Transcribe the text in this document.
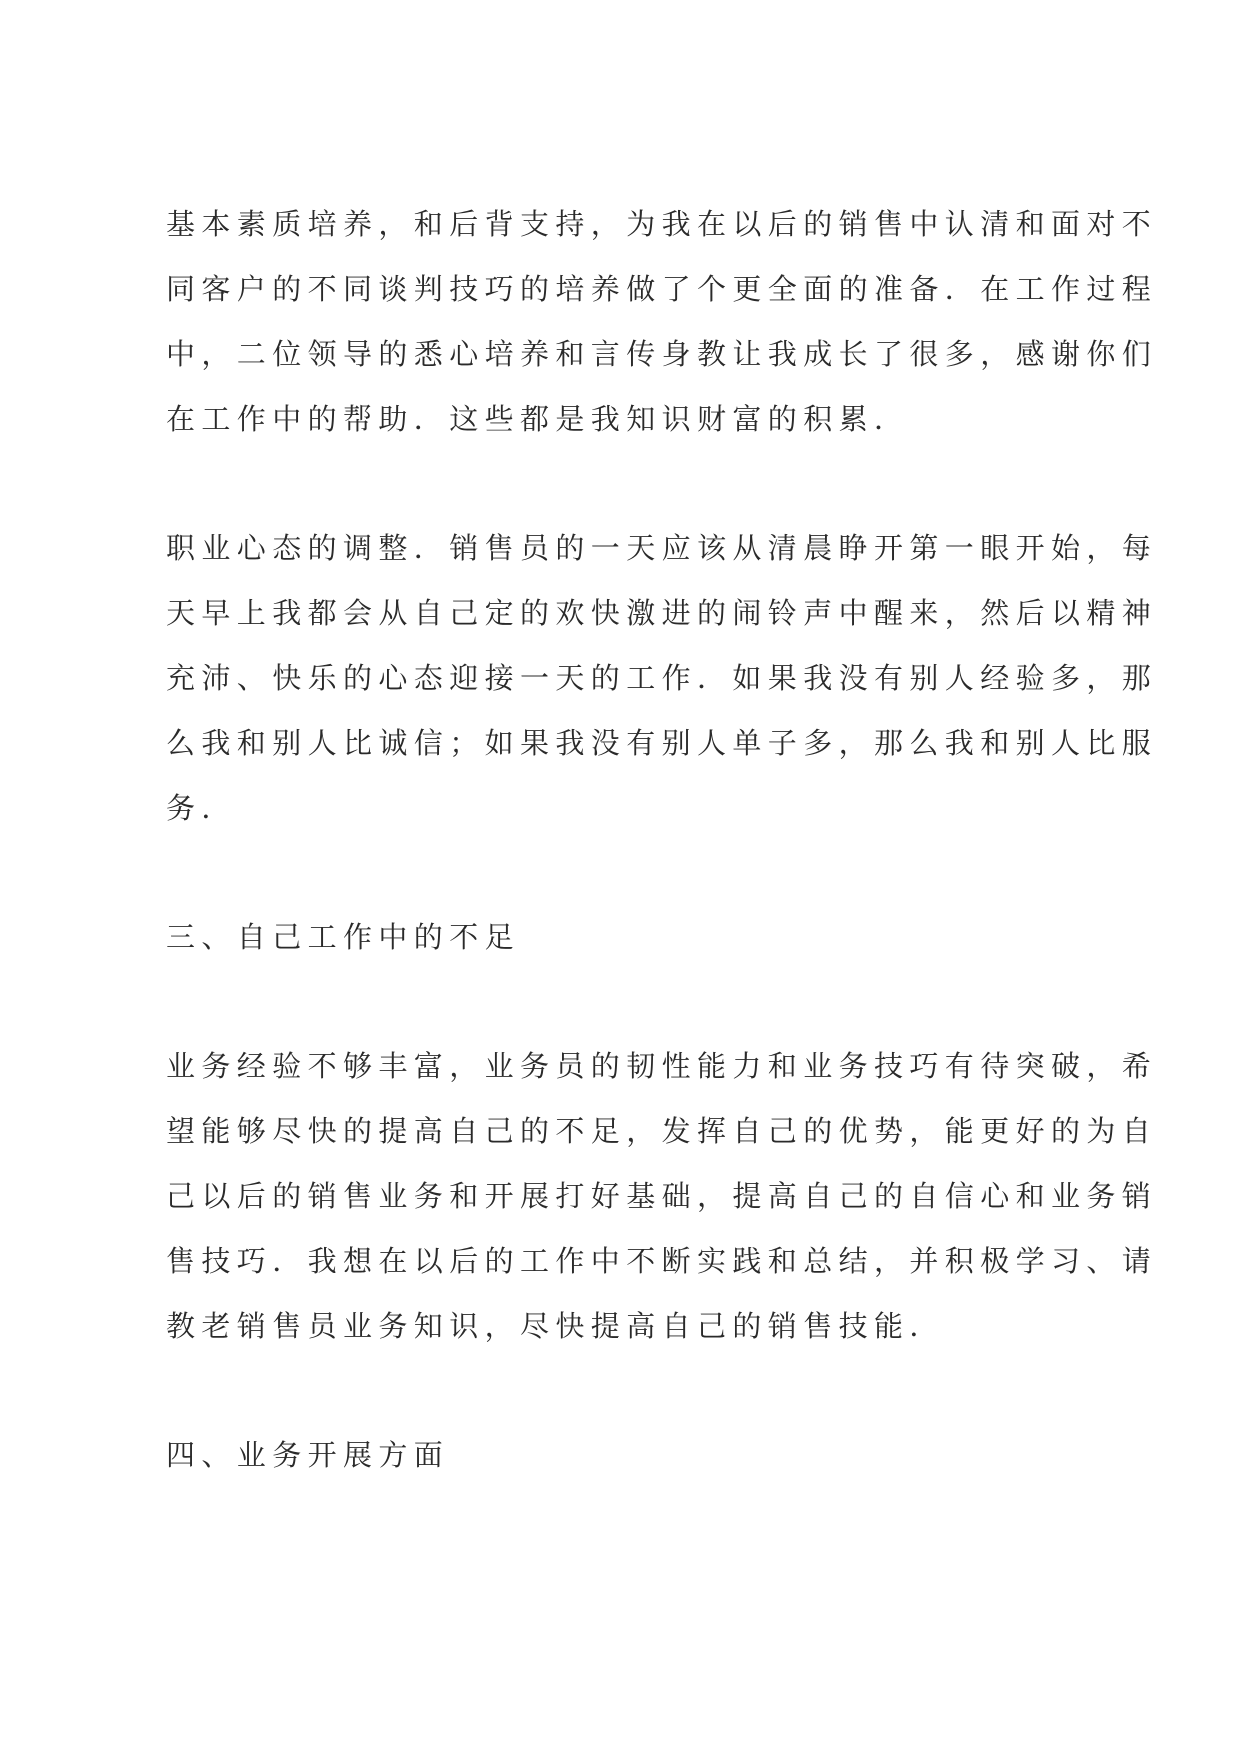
基本素质培养，和后背支持，为我在以后的销售中认清和面对不
同客户的不同谈判技巧的培养做了个更全面的准备．在工作过程
中，二位领导的悉心培养和言传身教让我成长了很多，感谢你们
在工作中的帮助．这些都是我知识财富的积累．
职业心态的调整．销售员的一天应该从清晨睁开第一眼开始，每
天早上我都会从自己定的欢快激进的闹铃声中醒来，然后以精神
充沛、快乐的心态迎接一天的工作．如果我没有别人经验多，那
么我和别人比诚信；如果我没有别人单子多，那么我和别人比服
务．
三、自己工作中的不足
业务经验不够丰富，业务员的韧性能力和业务技巧有待突破，希
望能够尽快的提高自己的不足，发挥自己的优势，能更好的为自
己以后的销售业务和开展打好基础，提高自己的自信心和业务销
售技巧．我想在以后的工作中不断实践和总结，并积极学习、请
教老销售员业务知识，尽快提高自己的销售技能．
四、业务开展方面
